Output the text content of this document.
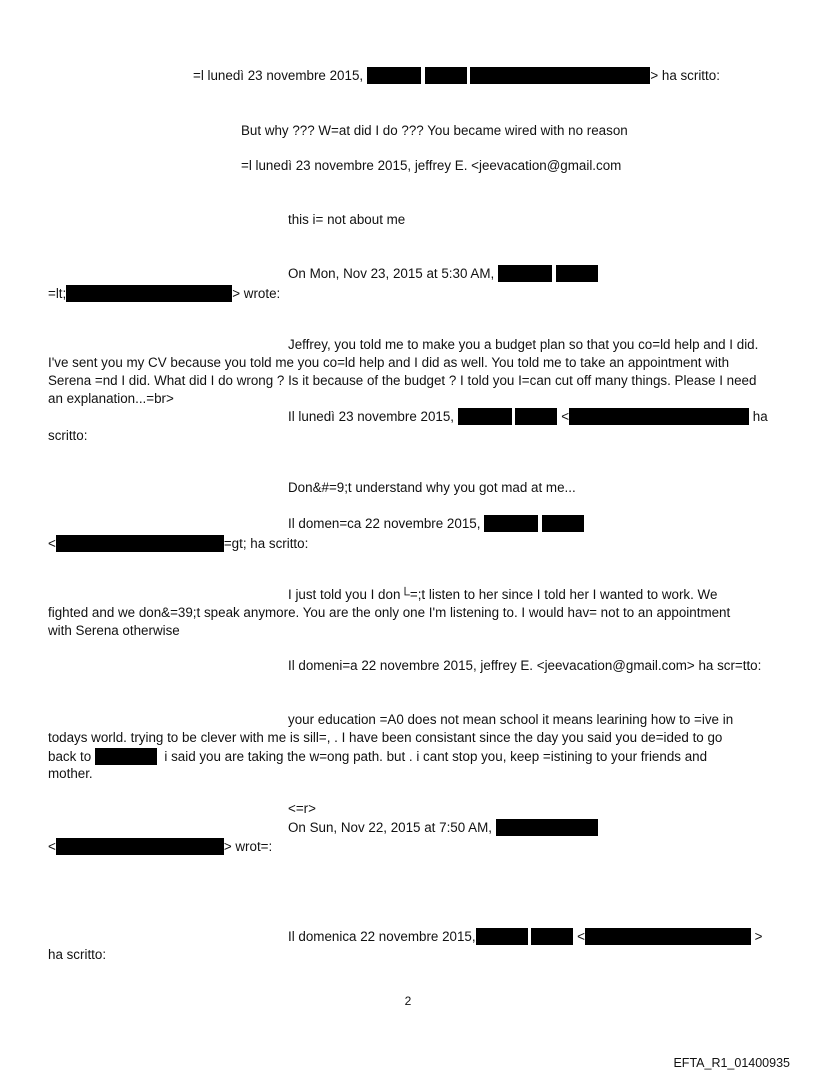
=l lunedì 23 novembre 2015,	> ha scritto:
But why ??? W=at did I do ??? You became wired with no reason
=l lunedì 23 novembre 2015, jeffrey E. <jeevacation@gmail.com
this i= not about me
On Mon, Nov 23, 2015 at 5:30 AM,
=lt;	> wrote:
Jeffrey, you told me to make you a budget plan so that you co=ld help and I did.
I've sent you my CV because you told me you co=ld help and I did as well. You told me to take an appointment with
Serena =nd I did. What did I do wrong ? Is it because of the budget ? I told you I=can cut off many things. Please I need
an explanation...=br>
Il lunedì 23 novembre 2015,	<	ha
scritto:
Don&#=9;t understand why you got mad at me...
Il domen=ca 22 novembre 2015,
<	=gt; ha scritto:
I just told you I don└=;t listen to her since I told her I wanted to work. We
fighted and we don&=39;t speak anymore. You are the only one I'm listening to. I would hav= not to an appointment
with Serena otherwise
Il domeni=a 22 novembre 2015, jeffrey E. <jeevacation@gmail.com> ha scr=tto:
your education =A0 does not mean school it means learining how to =ive in
todays world. trying to be clever with me is sill=, . I have been consistant since the day you said you de=ided to go
back to	i said you are taking the w=ong path. but . i cant stop you, keep =istining to your friends and
mother.
<=r>
On Sun, Nov 22, 2015 at 7:50 AM,
<	> wrot=:
Il domenica 22 novembre 2015,	<	>
ha scritto:
2
EFTA_R1_01400935
